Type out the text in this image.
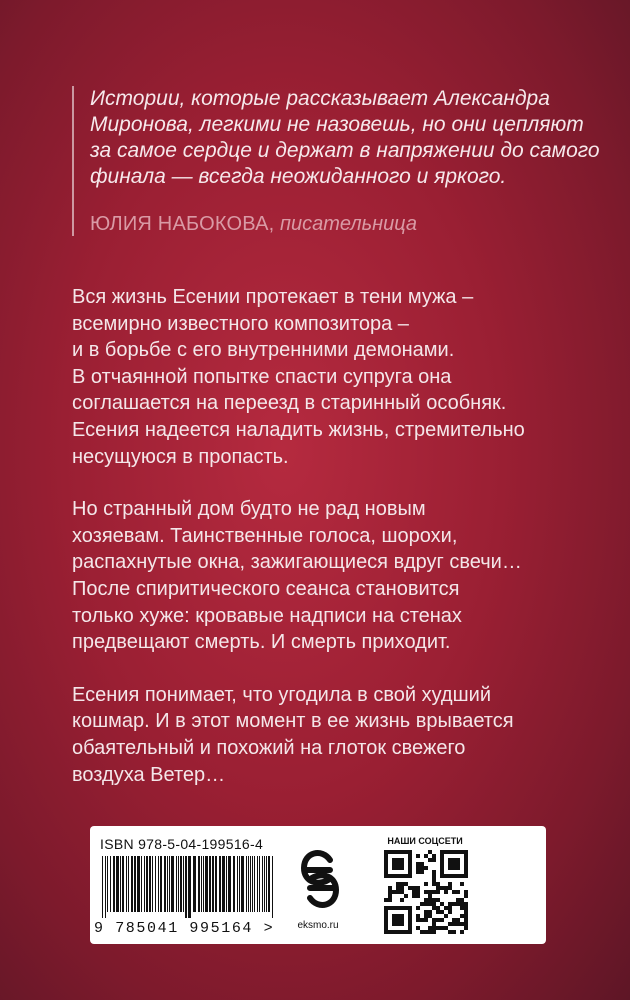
Истории, которые рассказывает Александра Миронова, легкими не назовешь, но они цепляют за самое сердце и держат в напряжении до самого финала — всегда неожиданного и яркого.

ЮЛИЯ НАБОКОВА, писательница

Вся жизнь Есении протекает в тени мужа –
всемирно известного композитора –
и в борьбе с его внутренними демонами.
В отчаянной попытке спасти супруга она
соглашается на переезд в старинный особняк.
Есения надеется наладить жизнь, стремительно
несущуюся в пропасть.

Но странный дом будто не рад новым
хозяевам. Таинственные голоса, шорохи,
распахнутые окна, зажигающиеся вдруг свечи…
После спиритического сеанса становится
только хуже: кровавые надписи на стенах
предвещают смерть. И смерть приходит.

Есения понимает, что угодила в свой худший
кошмар. И в этот момент в ее жизнь врывается
обаятельный и похожий на глоток свежего
воздуха Ветер…

ISBN 978-5-04-199516-4
9 785041 995164 >	eksmo.ru
НАШИ СОЦСЕТИ
